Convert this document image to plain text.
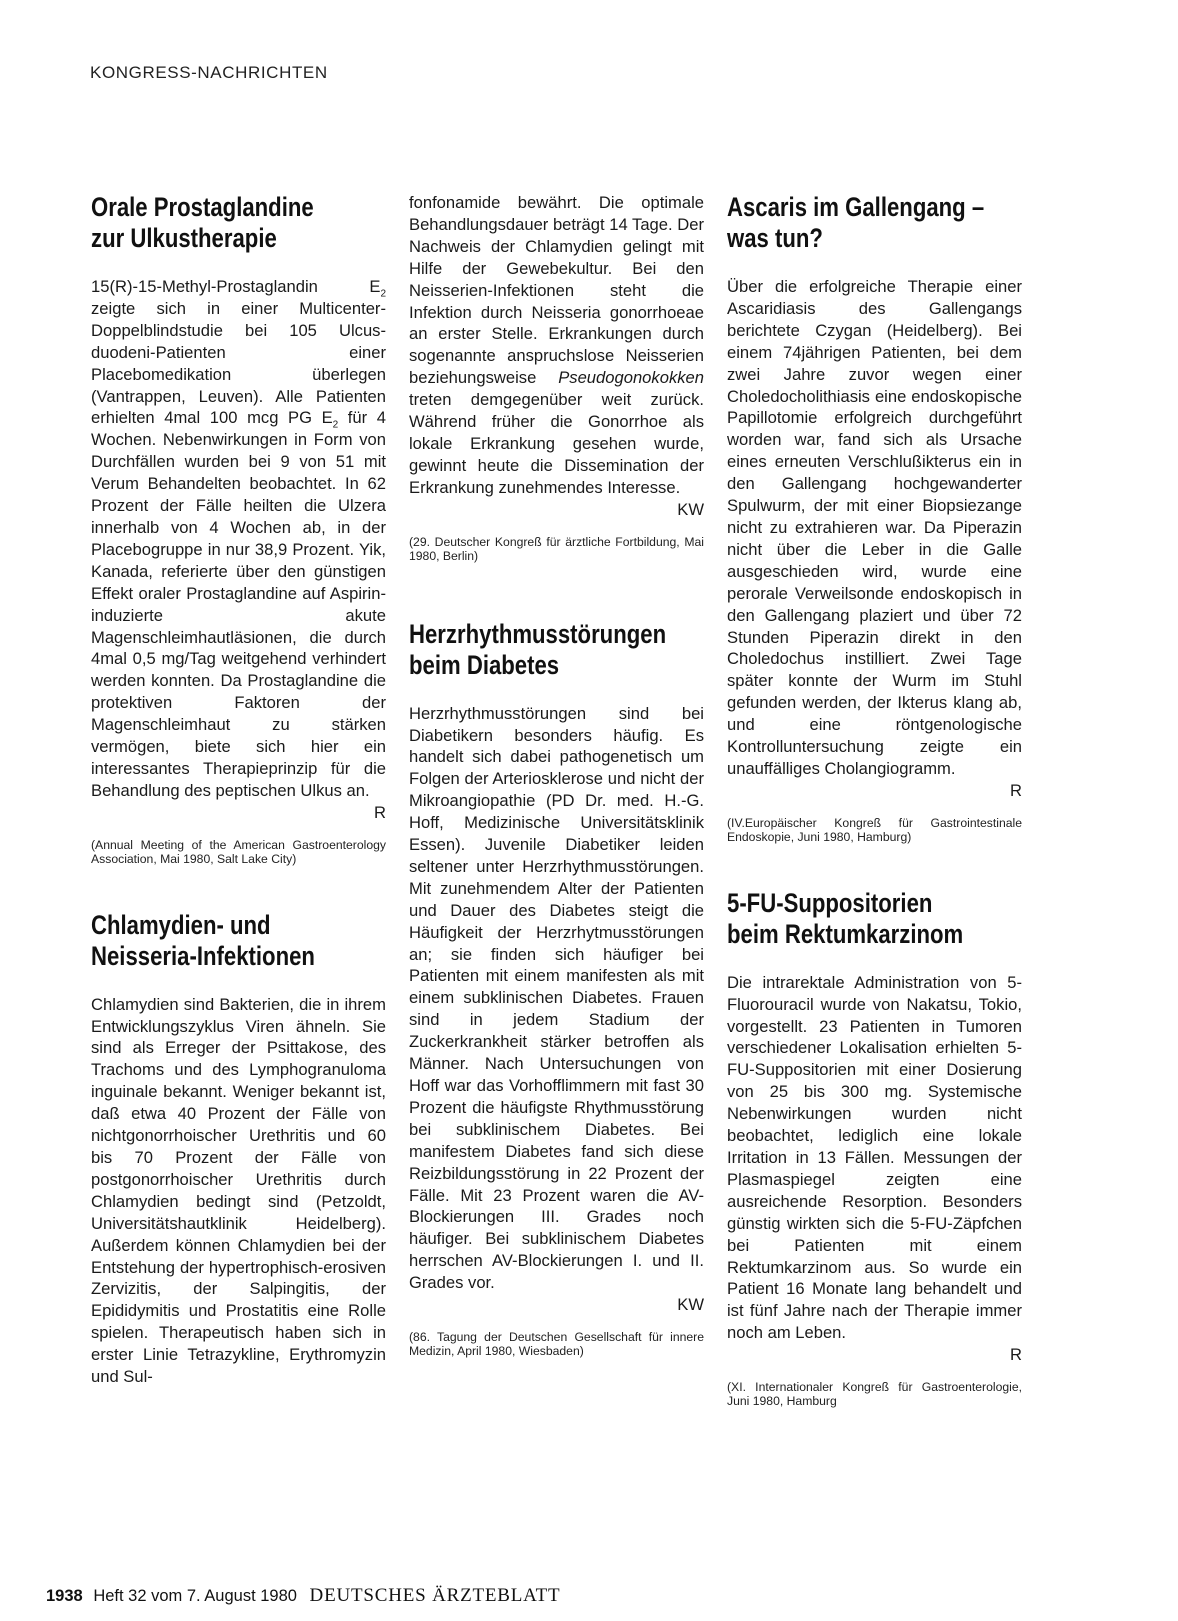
KONGRESS-NACHRICHTEN
Orale Prostaglandine
zur Ulkustherapie
15(R)-15-Methyl-Prostaglandin $E_2$ zeigte sich in einer Multicenter-Doppelblindstudie bei 105 Ulcus-duodeni-Patienten einer Placebomedikation überlegen (Vantrappen, Leuven). Alle Patienten erhielten 4mal 100 mcg PG $E_2$ für 4 Wochen. Nebenwirkungen in Form von Durchfällen wurden bei 9 von 51 mit Verum Behandelten beobachtet. In 62 Prozent der Fälle heilten die Ulzera innerhalb von 4 Wochen ab, in der Placebogruppe in nur 38,9 Prozent. Yik, Kanada, referierte über den günstigen Effekt oraler Prostaglandine auf Aspirin-induzierte akute Magenschleimhautläsionen, die durch 4mal 0,5 mg/Tag weitgehend verhindert werden konnten. Da Prostaglandine die protektiven Faktoren der Magenschleimhaut zu stärken vermögen, biete sich hier ein interessantes Therapieprinzip für die Behandlung des peptischen Ulkus an.
R

(Annual Meeting of the American Gastroenterology Association, Mai 1980, Salt Lake City)
Chlamydien- und
Neisseria-Infektionen
Chlamydien sind Bakterien, die in ihrem Entwicklungszyklus Viren ähneln. Sie sind als Erreger der Psittakose, des Trachoms und des Lymphogranuloma inguinale bekannt. Weniger bekannt ist, daß etwa 40 Prozent der Fälle von nichtgonorrhoischer Urethritis und 60 bis 70 Prozent der Fälle von postgonorrhoischer Urethritis durch Chlamydien bedingt sind (Petzoldt, Universitätshautklinik Heidelberg). Außerdem können Chlamydien bei der Entstehung der hypertrophisch-erosiven Zervizitis, der Salpingitis, der Epididymitis und Prostatitis eine Rolle spielen. Therapeutisch haben sich in erster Linie Tetrazykline, Erythromyzin und Sul-
fonfonamide bewährt. Die optimale Behandlungsdauer beträgt 14 Tage. Der Nachweis der Chlamydien gelingt mit Hilfe der Gewebekultur. Bei den Neisserien-Infektionen steht die Infektion durch Neisseria gonorrhoeae an erster Stelle. Erkrankungen durch sogenannte anspruchslose Neisserien beziehungsweise Pseudogonokokken treten demgegenüber weit zurück. Während früher die Gonorrhoe als lokale Erkrankung gesehen wurde, gewinnt heute die Dissemination der Erkrankung zunehmendes Interesse.
KW

(29. Deutscher Kongreß für ärztliche Fortbildung, Mai 1980, Berlin)
Herzrhythmusstörungen
beim Diabetes
Herzrhythmusstörungen sind bei Diabetikern besonders häufig. Es handelt sich dabei pathogenetisch um Folgen der Arteriosklerose und nicht der Mikroangiopathie (PD Dr. med. H.-G. Hoff, Medizinische Universitätsklinik Essen). Juvenile Diabetiker leiden seltener unter Herzrhythmusstörungen. Mit zunehmendem Alter der Patienten und Dauer des Diabetes steigt die Häufigkeit der Herzrhytmusstörungen an; sie finden sich häufiger bei Patienten mit einem manifesten als mit einem subklinischen Diabetes. Frauen sind in jedem Stadium der Zuckerkrankheit stärker betroffen als Männer. Nach Untersuchungen von Hoff war das Vorhofflimmern mit fast 30 Prozent die häufigste Rhythmusstörung bei subklinischem Diabetes. Bei manifestem Diabetes fand sich diese Reizbildungsstörung in 22 Prozent der Fälle. Mit 23 Prozent waren die AV-Blockierungen III. Grades noch häufiger. Bei subklinischem Diabetes herrschen AV-Blockierungen I. und II. Grades vor.
KW

(86. Tagung der Deutschen Gesellschaft für innere Medizin, April 1980, Wiesbaden)
Ascaris im Gallengang –
was tun?
Über die erfolgreiche Therapie einer Ascaridiasis des Gallengangs berichtete Czygan (Heidelberg). Bei einem 74jährigen Patienten, bei dem zwei Jahre zuvor wegen einer Choledocholithiasis eine endoskopische Papillotomie erfolgreich durchgeführt worden war, fand sich als Ursache eines erneuten Verschlußikterus ein in den Gallengang hochgewanderter Spulwurm, der mit einer Biopsiezange nicht zu extrahieren war. Da Piperazin nicht über die Leber in die Galle ausgeschieden wird, wurde eine perorale Verweilsonde endoskopisch in den Gallengang plaziert und über 72 Stunden Piperazin direkt in den Choledochus instilliert. Zwei Tage später konnte der Wurm im Stuhl gefunden werden, der Ikterus klang ab, und eine röntgenologische Kontrolluntersuchung zeigte ein unauffälliges Cholangiogramm.
R

(IV.Europäischer Kongreß für Gastrointestinale Endoskopie, Juni 1980, Hamburg)
5-FU-Suppositorien
beim Rektumkarzinom
Die intrarektale Administration von 5-Fluorouracil wurde von Nakatsu, Tokio, vorgestellt. 23 Patienten in Tumoren verschiedener Lokalisation erhielten 5-FU-Suppositorien mit einer Dosierung von 25 bis 300 mg. Systemische Nebenwirkungen wurden nicht beobachtet, lediglich eine lokale Irritation in 13 Fällen. Messungen der Plasmaspiegel zeigten eine ausreichende Resorption. Besonders günstig wirkten sich die 5-FU-Zäpfchen bei Patienten mit einem Rektumkarzinom aus. So wurde ein Patient 16 Monate lang behandelt und ist fünf Jahre nach der Therapie immer noch am Leben.
R

(XI. Internationaler Kongreß für Gastroenterologie, Juni 1980, Hamburg
1938 Heft 32 vom 7. August 1980 DEUTSCHES ÄRZTEBLATT
